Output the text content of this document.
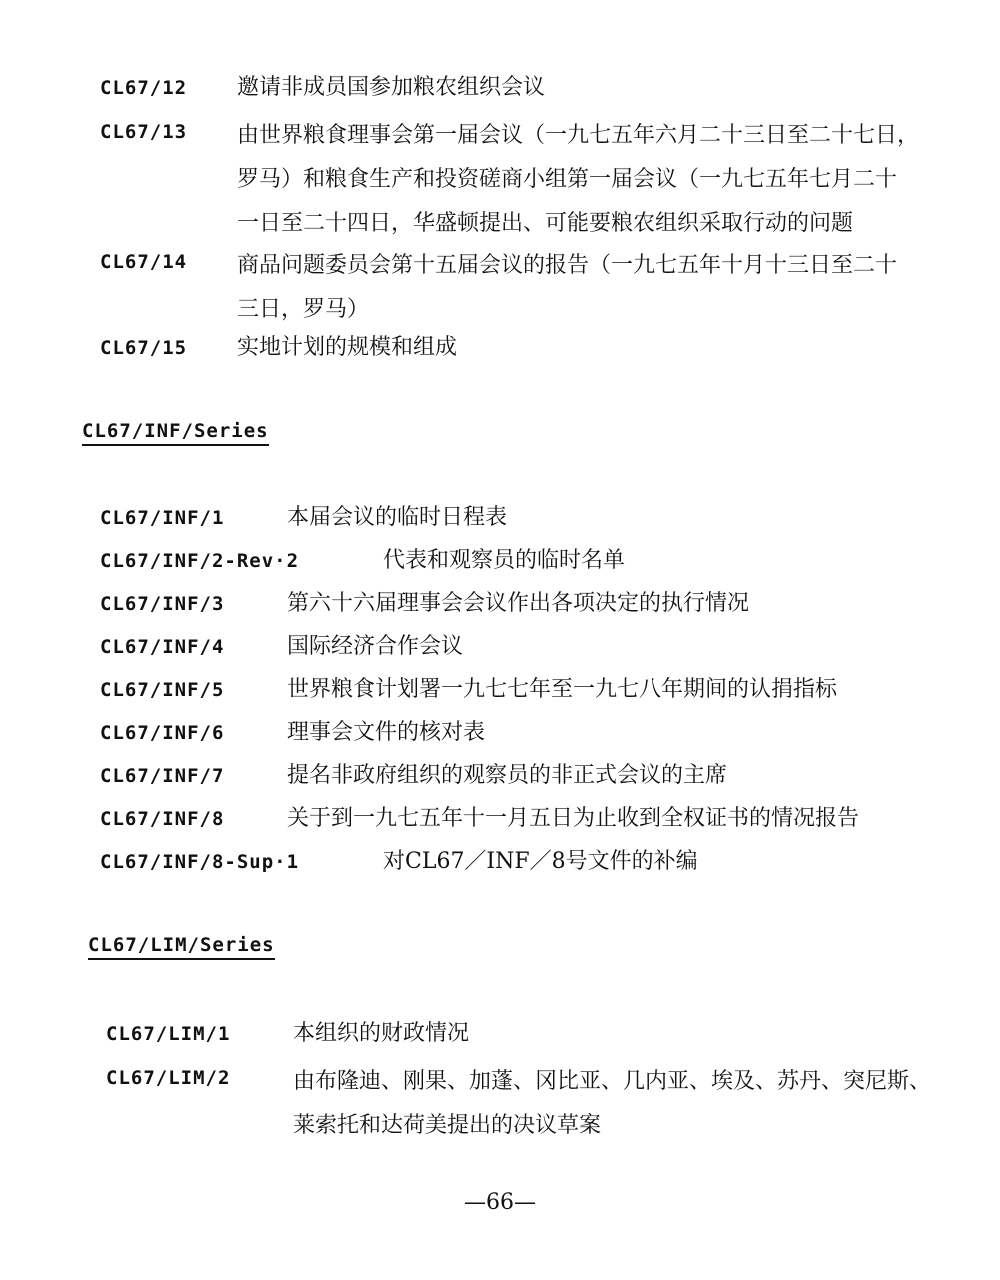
CL67/12 邀请非成员国参加粮农组织会议
CL67/13 由世界粮食理事会第一届会议（一九七五年六月二十三日至二十七日，
罗马）和粮食生产和投资磋商小组第一届会议（一九七五年七月二十
一日至二十四日，华盛顿提出、可能要粮农组织采取行动的问题
CL67/14 商品问题委员会第十五届会议的报告（一九七五年十月十三日至二十
三日，罗马）
CL67/15 实地计划的规模和组成
CL67/INF/Series
CL67/INF/1	本届会议的临时日程表
CL67/INF/2-Rev·2	代表和观察员的临时名单
CL67/INF/3	第六十六届理事会会议作出各项决定的执行情况
CL67/INF/4	国际经济合作会议
CL67/INF/5	世界粮食计划署一九七七年至一九七八年期间的认捐指标
CL67/INF/6	理事会文件的核对表
CL67/INF/7	提名非政府组织的观察员的非正式会议的主席
CL67/INF/8	关于到一九七五年十一月五日为止收到全权证书的情况报告
CL67/INF/8-Sup·1	对CL67／INF／8号文件的补编
CL67/LIM/Series
CL67/LIM/1	本组织的财政情况
CL67/LIM/2	由布隆迪、刚果、加蓬、冈比亚、几内亚、埃及、苏丹、突尼斯、
莱索托和达荷美提出的决议草案
—66—
